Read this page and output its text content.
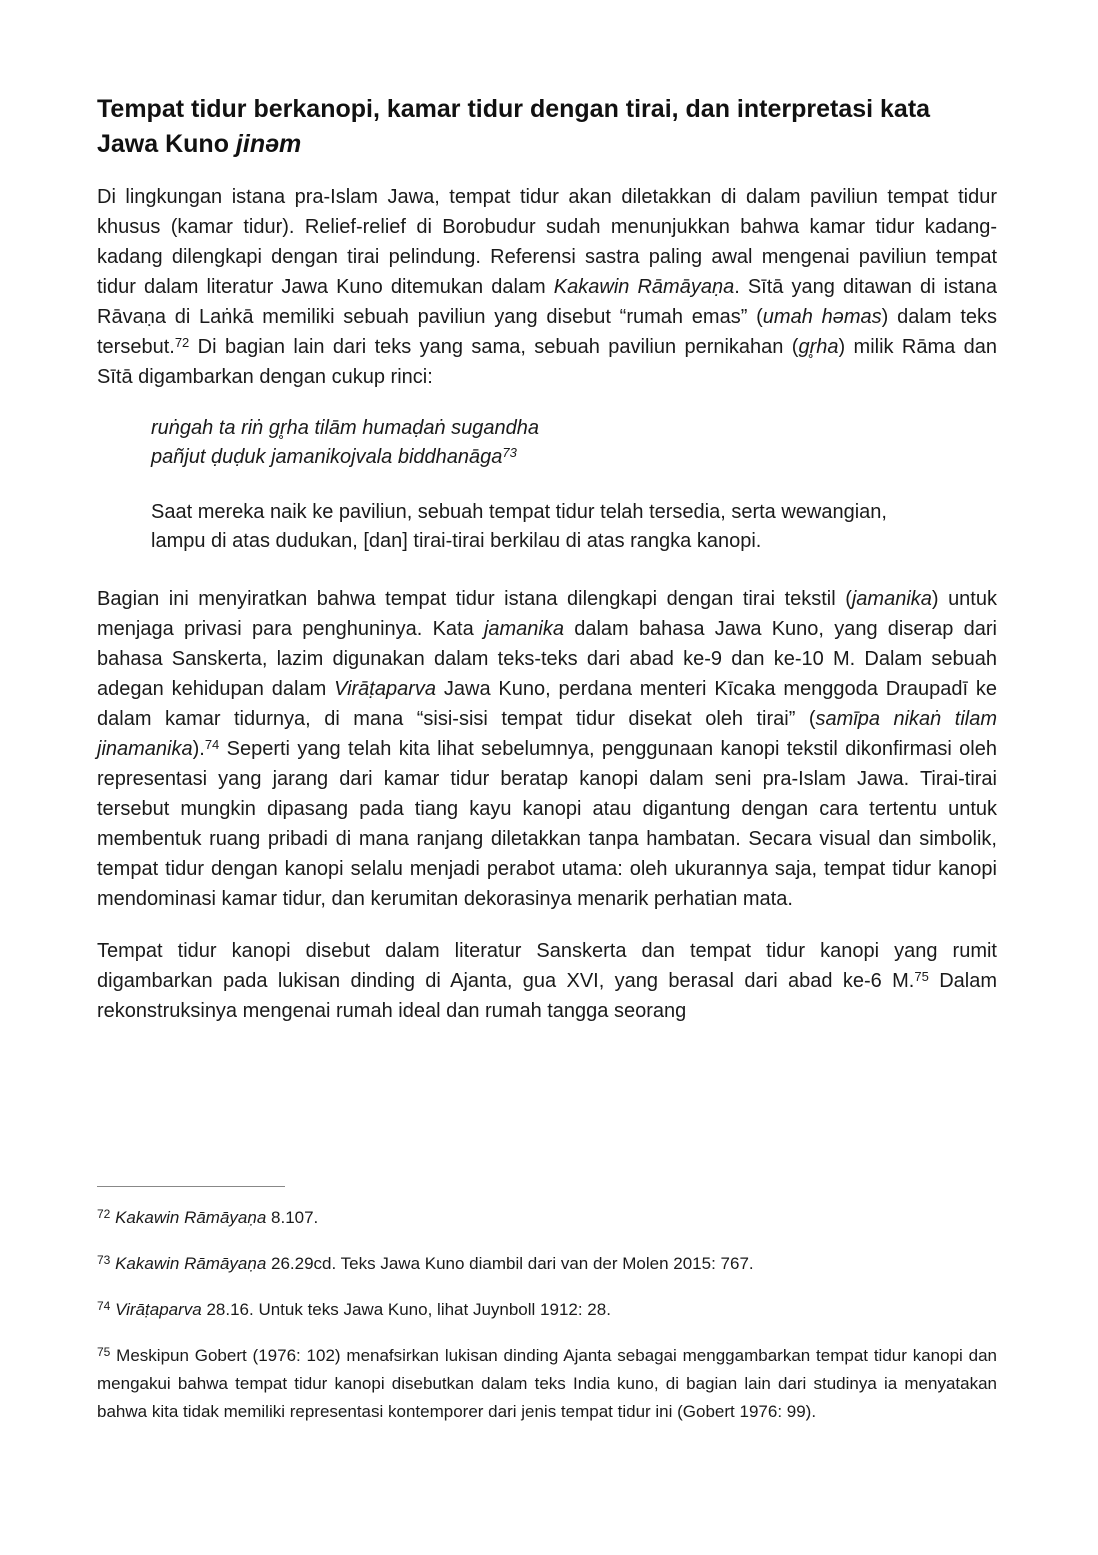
Tempat tidur berkanopi, kamar tidur dengan tirai, dan interpretasi kata Jawa Kuno jinəm

Di lingkungan istana pra-Islam Jawa, tempat tidur akan diletakkan di dalam paviliun tempat tidur khusus (kamar tidur). Relief-relief di Borobudur sudah menunjukkan bahwa kamar tidur kadang-kadang dilengkapi dengan tirai pelindung. Referensi sastra paling awal mengenai paviliun tempat tidur dalam literatur Jawa Kuno ditemukan dalam Kakawin Rāmāyaṇa. Sītā yang ditawan di istana Rāvaṇa di Laṅkā memiliki sebuah paviliun yang disebut “rumah emas” (umah həmas) dalam teks tersebut.$^{72}$ Di bagian lain dari teks yang sama, sebuah paviliun pernikahan (gr̥ha) milik Rāma dan Sītā digambarkan dengan cukup rinci:

ruṅgah ta riṅ gr̥ha tilām humaḍaṅ sugandha
pañjut ḍuḍuk jamanikojvala biddhanāga$^{73}$
Saat mereka naik ke paviliun, sebuah tempat tidur telah tersedia, serta wewangian,
lampu di atas dudukan, [dan] tirai-tirai berkilau di atas rangka kanopi.

Bagian ini menyiratkan bahwa tempat tidur istana dilengkapi dengan tirai tekstil (jamanika) untuk menjaga privasi para penghuninya. Kata jamanika dalam bahasa Jawa Kuno, yang diserap dari bahasa Sanskerta, lazim digunakan dalam teks-teks dari abad ke-9 dan ke-10 M. Dalam sebuah adegan kehidupan dalam Virāṭaparva Jawa Kuno, perdana menteri Kīcaka menggoda Draupadī ke dalam kamar tidurnya, di mana “sisi-sisi tempat tidur disekat oleh tirai” (samīpa nikaṅ tilam jinamanika).$^{74}$ Seperti yang telah kita lihat sebelumnya, penggunaan kanopi tekstil dikonfirmasi oleh representasi yang jarang dari kamar tidur beratap kanopi dalam seni pra-Islam Jawa. Tirai-tirai tersebut mungkin dipasang pada tiang kayu kanopi atau digantung dengan cara tertentu untuk membentuk ruang pribadi di mana ranjang diletakkan tanpa hambatan. Secara visual dan simbolik, tempat tidur dengan kanopi selalu menjadi perabot utama: oleh ukurannya saja, tempat tidur kanopi mendominasi kamar tidur, dan kerumitan dekorasinya menarik perhatian mata.

Tempat tidur kanopi disebut dalam literatur Sanskerta dan tempat tidur kanopi yang rumit digambarkan pada lukisan dinding di Ajanta, gua XVI, yang berasal dari abad ke-6 M.$^{75}$ Dalam rekonstruksinya mengenai rumah ideal dan rumah tangga seorang

$^{72}$ Kakawin Rāmāyaṇa 8.107.

$^{73}$ Kakawin Rāmāyaṇa 26.29cd. Teks Jawa Kuno diambil dari van der Molen 2015: 767.

$^{74}$ Virāṭaparva 28.16. Untuk teks Jawa Kuno, lihat Juynboll 1912: 28.

$^{75}$ Meskipun Gobert (1976: 102) menafsirkan lukisan dinding Ajanta sebagai menggambarkan tempat tidur kanopi dan mengakui bahwa tempat tidur kanopi disebutkan dalam teks India kuno, di bagian lain dari studinya ia menyatakan bahwa kita tidak memiliki representasi kontemporer dari jenis tempat tidur ini (Gobert 1976: 99).
